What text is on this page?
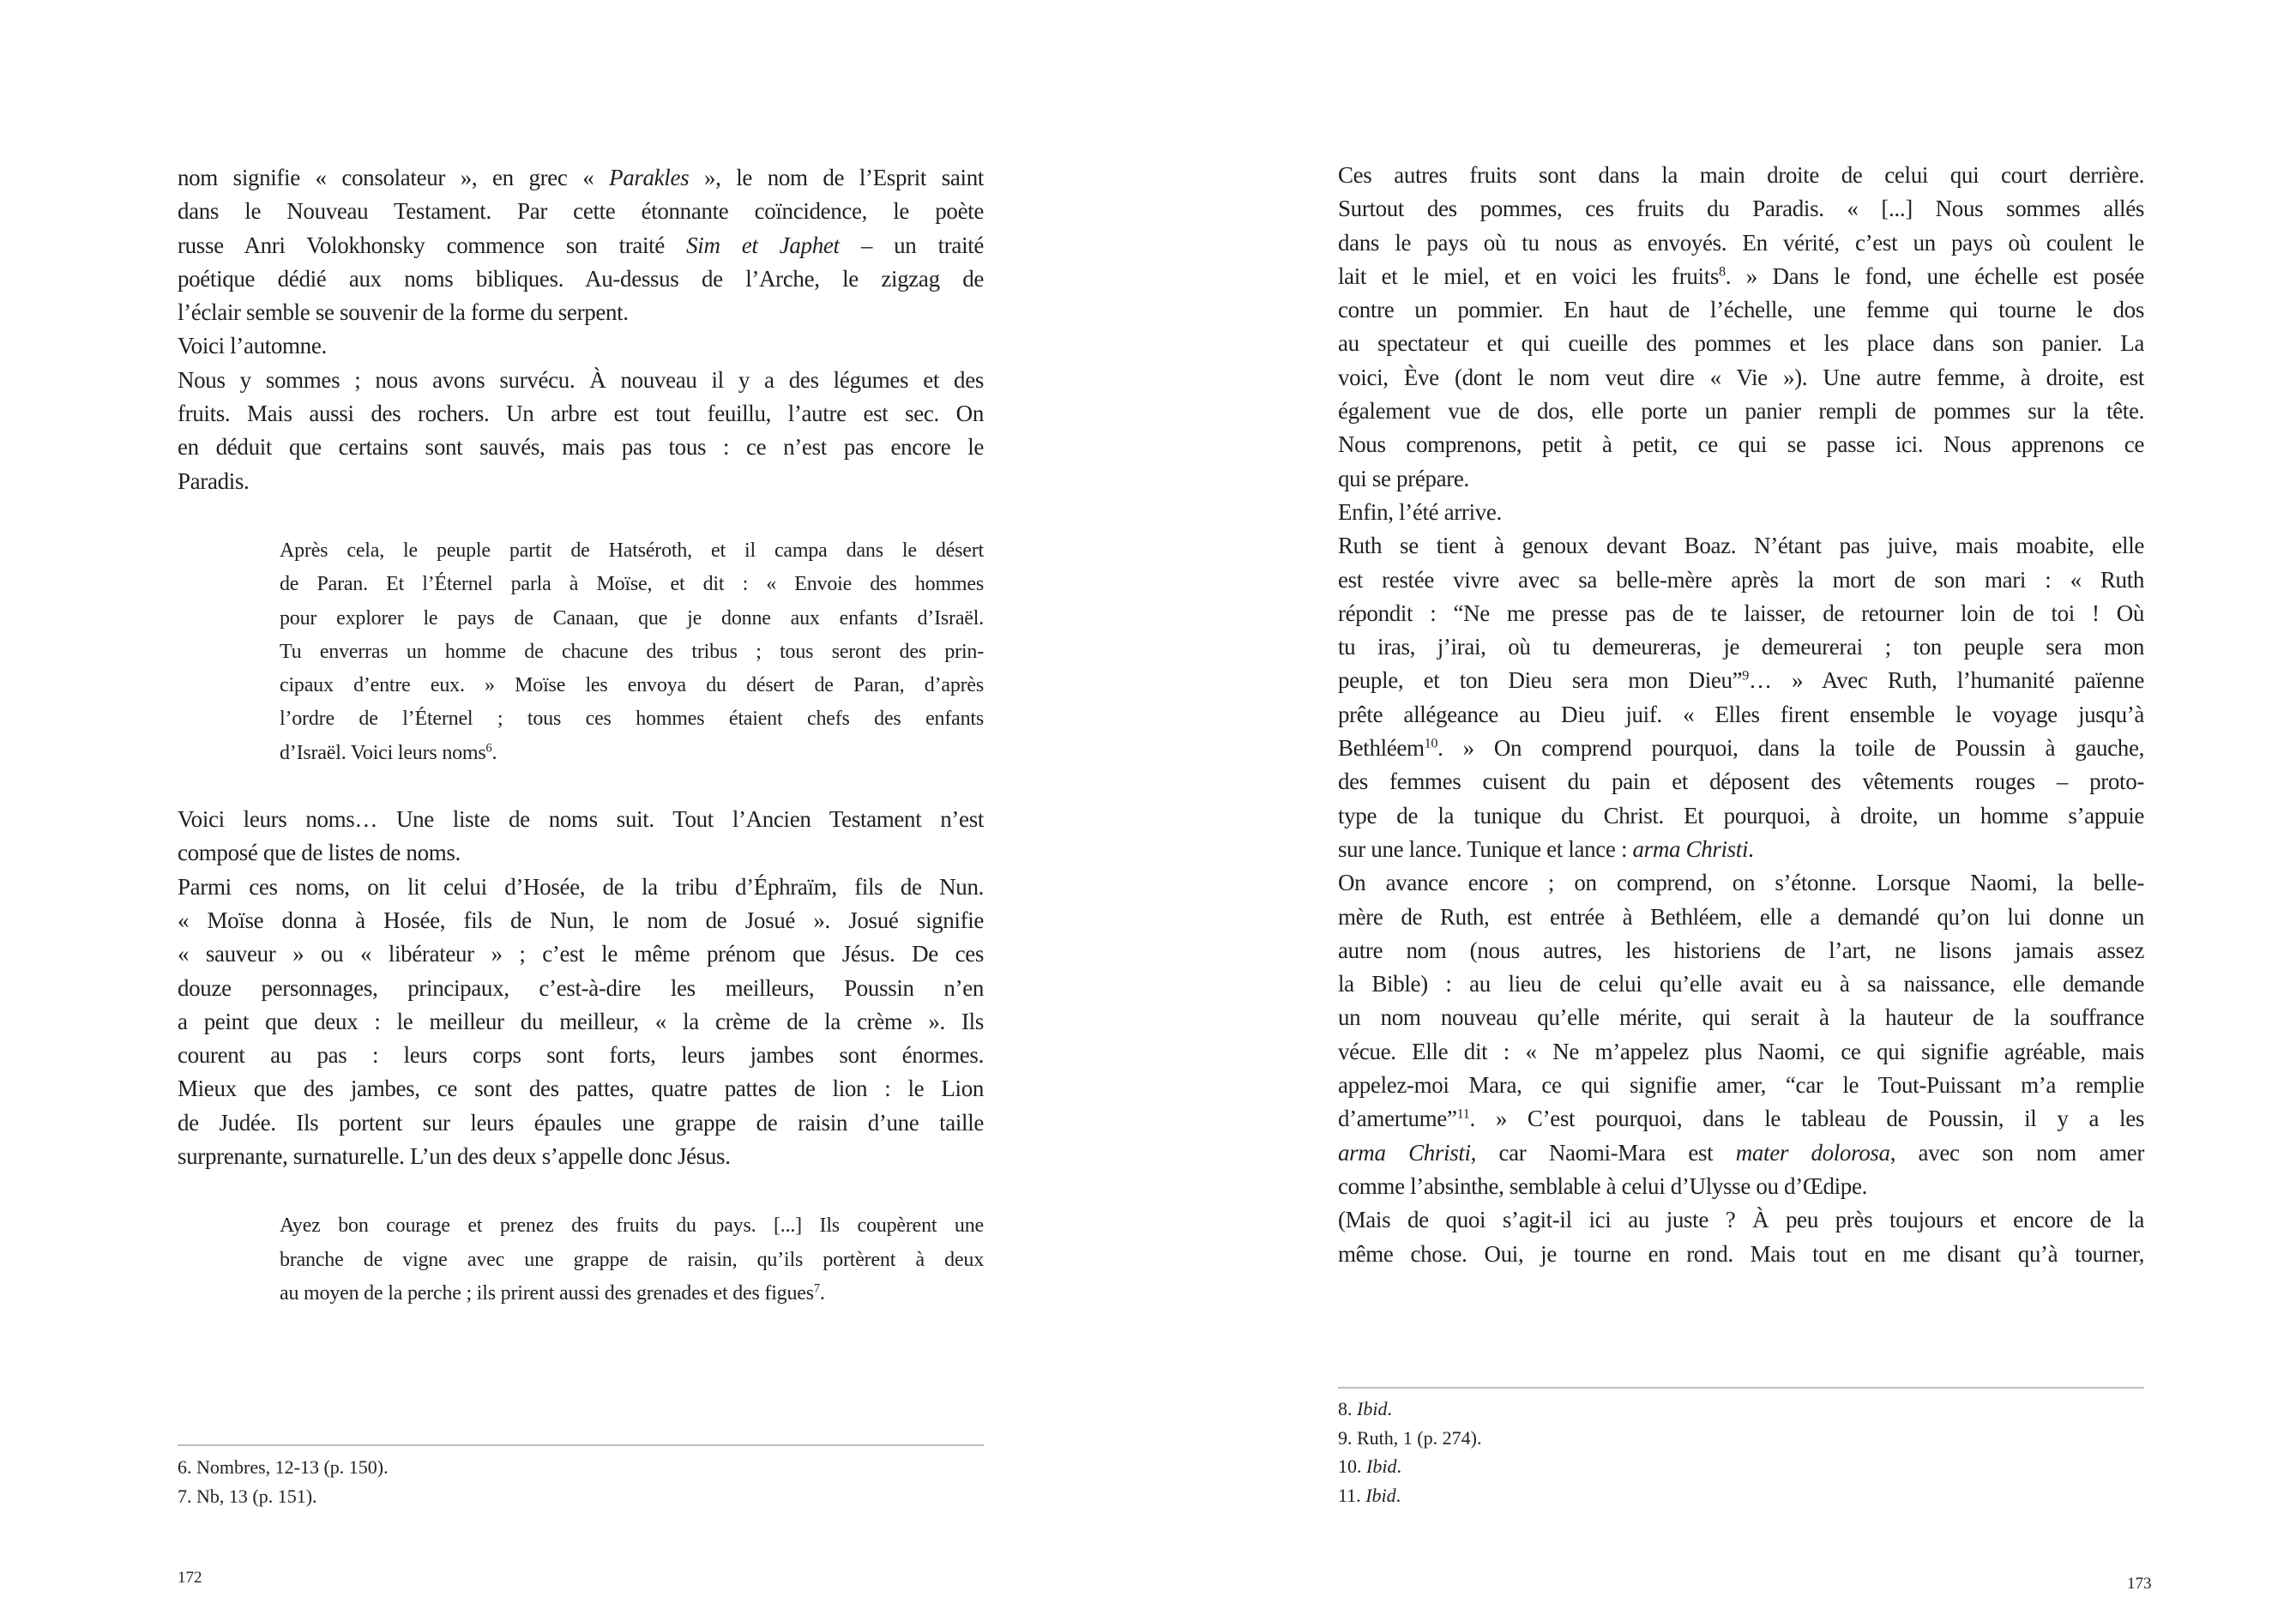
nom signifie « consolateur », en grec « Parakles », le nom de l’Esprit saint
dans le Nouveau Testament. Par cette étonnante coïncidence, le poète
russe Anri Volokhonsky commence son traité Sim et Japhet – un traité
poétique dédié aux noms bibliques. Au-dessus de l’Arche, le zigzag de
l’éclair semble se souvenir de la forme du serpent.
Voici l’automne.
Nous y sommes ; nous avons survécu. À nouveau il y a des légumes et des
fruits. Mais aussi des rochers. Un arbre est tout feuillu, l’autre est sec. On
en déduit que certains sont sauvés, mais pas tous : ce n’est pas encore le
Paradis.
Après cela, le peuple partit de Hatséroth, et il campa dans le désert
de Paran. Et l’Éternel parla à Moïse, et dit : « Envoie des hommes
pour explorer le pays de Canaan, que je donne aux enfants d’Israël.
Tu enverras un homme de chacune des tribus ; tous seront des prin-
cipaux d’entre eux. » Moïse les envoya du désert de Paran, d’après
l’ordre de l’Éternel ; tous ces hommes étaient chefs des enfants
d’Israël. Voici leurs noms$^6$.
Voici leurs noms… Une liste de noms suit. Tout l’Ancien Testament n’est
composé que de listes de noms.
Parmi ces noms, on lit celui d’Hosée, de la tribu d’Éphraïm, fils de Nun.
« Moïse donna à Hosée, fils de Nun, le nom de Josué ». Josué signifie
« sauveur » ou « libérateur » ; c’est le même prénom que Jésus. De ces
douze personnages, principaux, c’est-à-dire les meilleurs, Poussin n’en
a peint que deux : le meilleur du meilleur, « la crème de la crème ». Ils
courent au pas : leurs corps sont forts, leurs jambes sont énormes.
Mieux que des jambes, ce sont des pattes, quatre pattes de lion : le Lion
de Judée. Ils portent sur leurs épaules une grappe de raisin d’une taille
surprenante, surnaturelle. L’un des deux s’appelle donc Jésus.
Ayez bon courage et prenez des fruits du pays. [...] Ils coupèrent une
branche de vigne avec une grappe de raisin, qu’ils portèrent à deux
au moyen de la perche ; ils prirent aussi des grenades et des figues$^7$.
6. Nombres, 12-13 (p. 150).
7. Nb, 13 (p. 151).
172
Ces autres fruits sont dans la main droite de celui qui court derrière.
Surtout des pommes, ces fruits du Paradis. « [...] Nous sommes allés
dans le pays où tu nous as envoyés. En vérité, c’est un pays où coulent le
lait et le miel, et en voici les fruits$^8$. » Dans le fond, une échelle est posée
contre un pommier. En haut de l’échelle, une femme qui tourne le dos
au spectateur et qui cueille des pommes et les place dans son panier. La
voici, Ève (dont le nom veut dire « Vie »). Une autre femme, à droite, est
également vue de dos, elle porte un panier rempli de pommes sur la tête.
Nous comprenons, petit à petit, ce qui se passe ici. Nous apprenons ce
qui se prépare.
Enfin, l’été arrive.
Ruth se tient à genoux devant Boaz. N’étant pas juive, mais moabite, elle
est restée vivre avec sa belle-mère après la mort de son mari : « Ruth
répondit : “Ne me presse pas de te laisser, de retourner loin de toi ! Où
tu iras, j’irai, où tu demeureras, je demeurerai ; ton peuple sera mon
peuple, et ton Dieu sera mon Dieu”$^9$… » Avec Ruth, l’humanité païenne
prête allégeance au Dieu juif. « Elles firent ensemble le voyage jusqu’à
Bethléem$^{10}$. » On comprend pourquoi, dans la toile de Poussin à gauche,
des femmes cuisent du pain et déposent des vêtements rouges – proto-
type de la tunique du Christ. Et pourquoi, à droite, un homme s’appuie
sur une lance. Tunique et lance : arma Christi.
On avance encore ; on comprend, on s’étonne. Lorsque Naomi, la belle-
mère de Ruth, est entrée à Bethléem, elle a demandé qu’on lui donne un
autre nom (nous autres, les historiens de l’art, ne lisons jamais assez
la Bible) : au lieu de celui qu’elle avait eu à sa naissance, elle demande
un nom nouveau qu’elle mérite, qui serait à la hauteur de la souffrance
vécue. Elle dit : « Ne m’appelez plus Naomi, ce qui signifie agréable, mais
appelez-moi Mara, ce qui signifie amer, “car le Tout-Puissant m’a remplie
d’amertume”$^{11}$. » C’est pourquoi, dans le tableau de Poussin, il y a les
arma Christi, car Naomi-Mara est mater dolorosa, avec son nom amer
comme l’absinthe, semblable à celui d’Ulysse ou d’Œdipe.
(Mais de quoi s’agit-il ici au juste ? À peu près toujours et encore de la
même chose. Oui, je tourne en rond. Mais tout en me disant qu’à tourner,
8. Ibid.
9. Ruth, 1 (p. 274).
10. Ibid.
11. Ibid.
173
